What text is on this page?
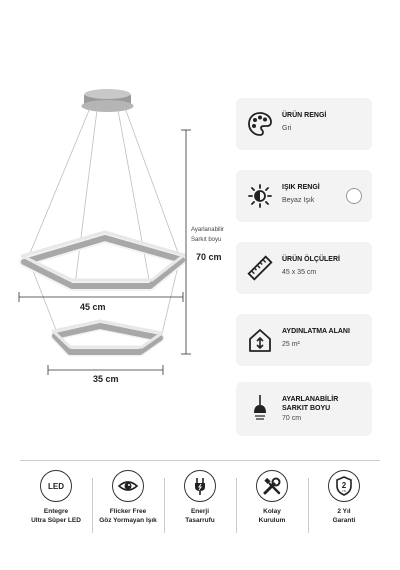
45 cm
35 cm
Ayarlanabilir
Sarkıt boyu
70 cm
ÜRÜN RENGİ
Gri
IŞIK RENGİ
Beyaz Işık
ÜRÜN ÖLÇÜLERİ
45 x 35 cm
AYDINLATMA ALANI
25 m²
AYARLANABİLİR
SARKIT BOYU
70 cm
LED
Entegre
Ultra Süper LED
Flicker Free
Göz Yormayan Işık
Enerji
Tasarrufu
Kolay
Kurulum
2
YIL
2 Yıl
Garanti
